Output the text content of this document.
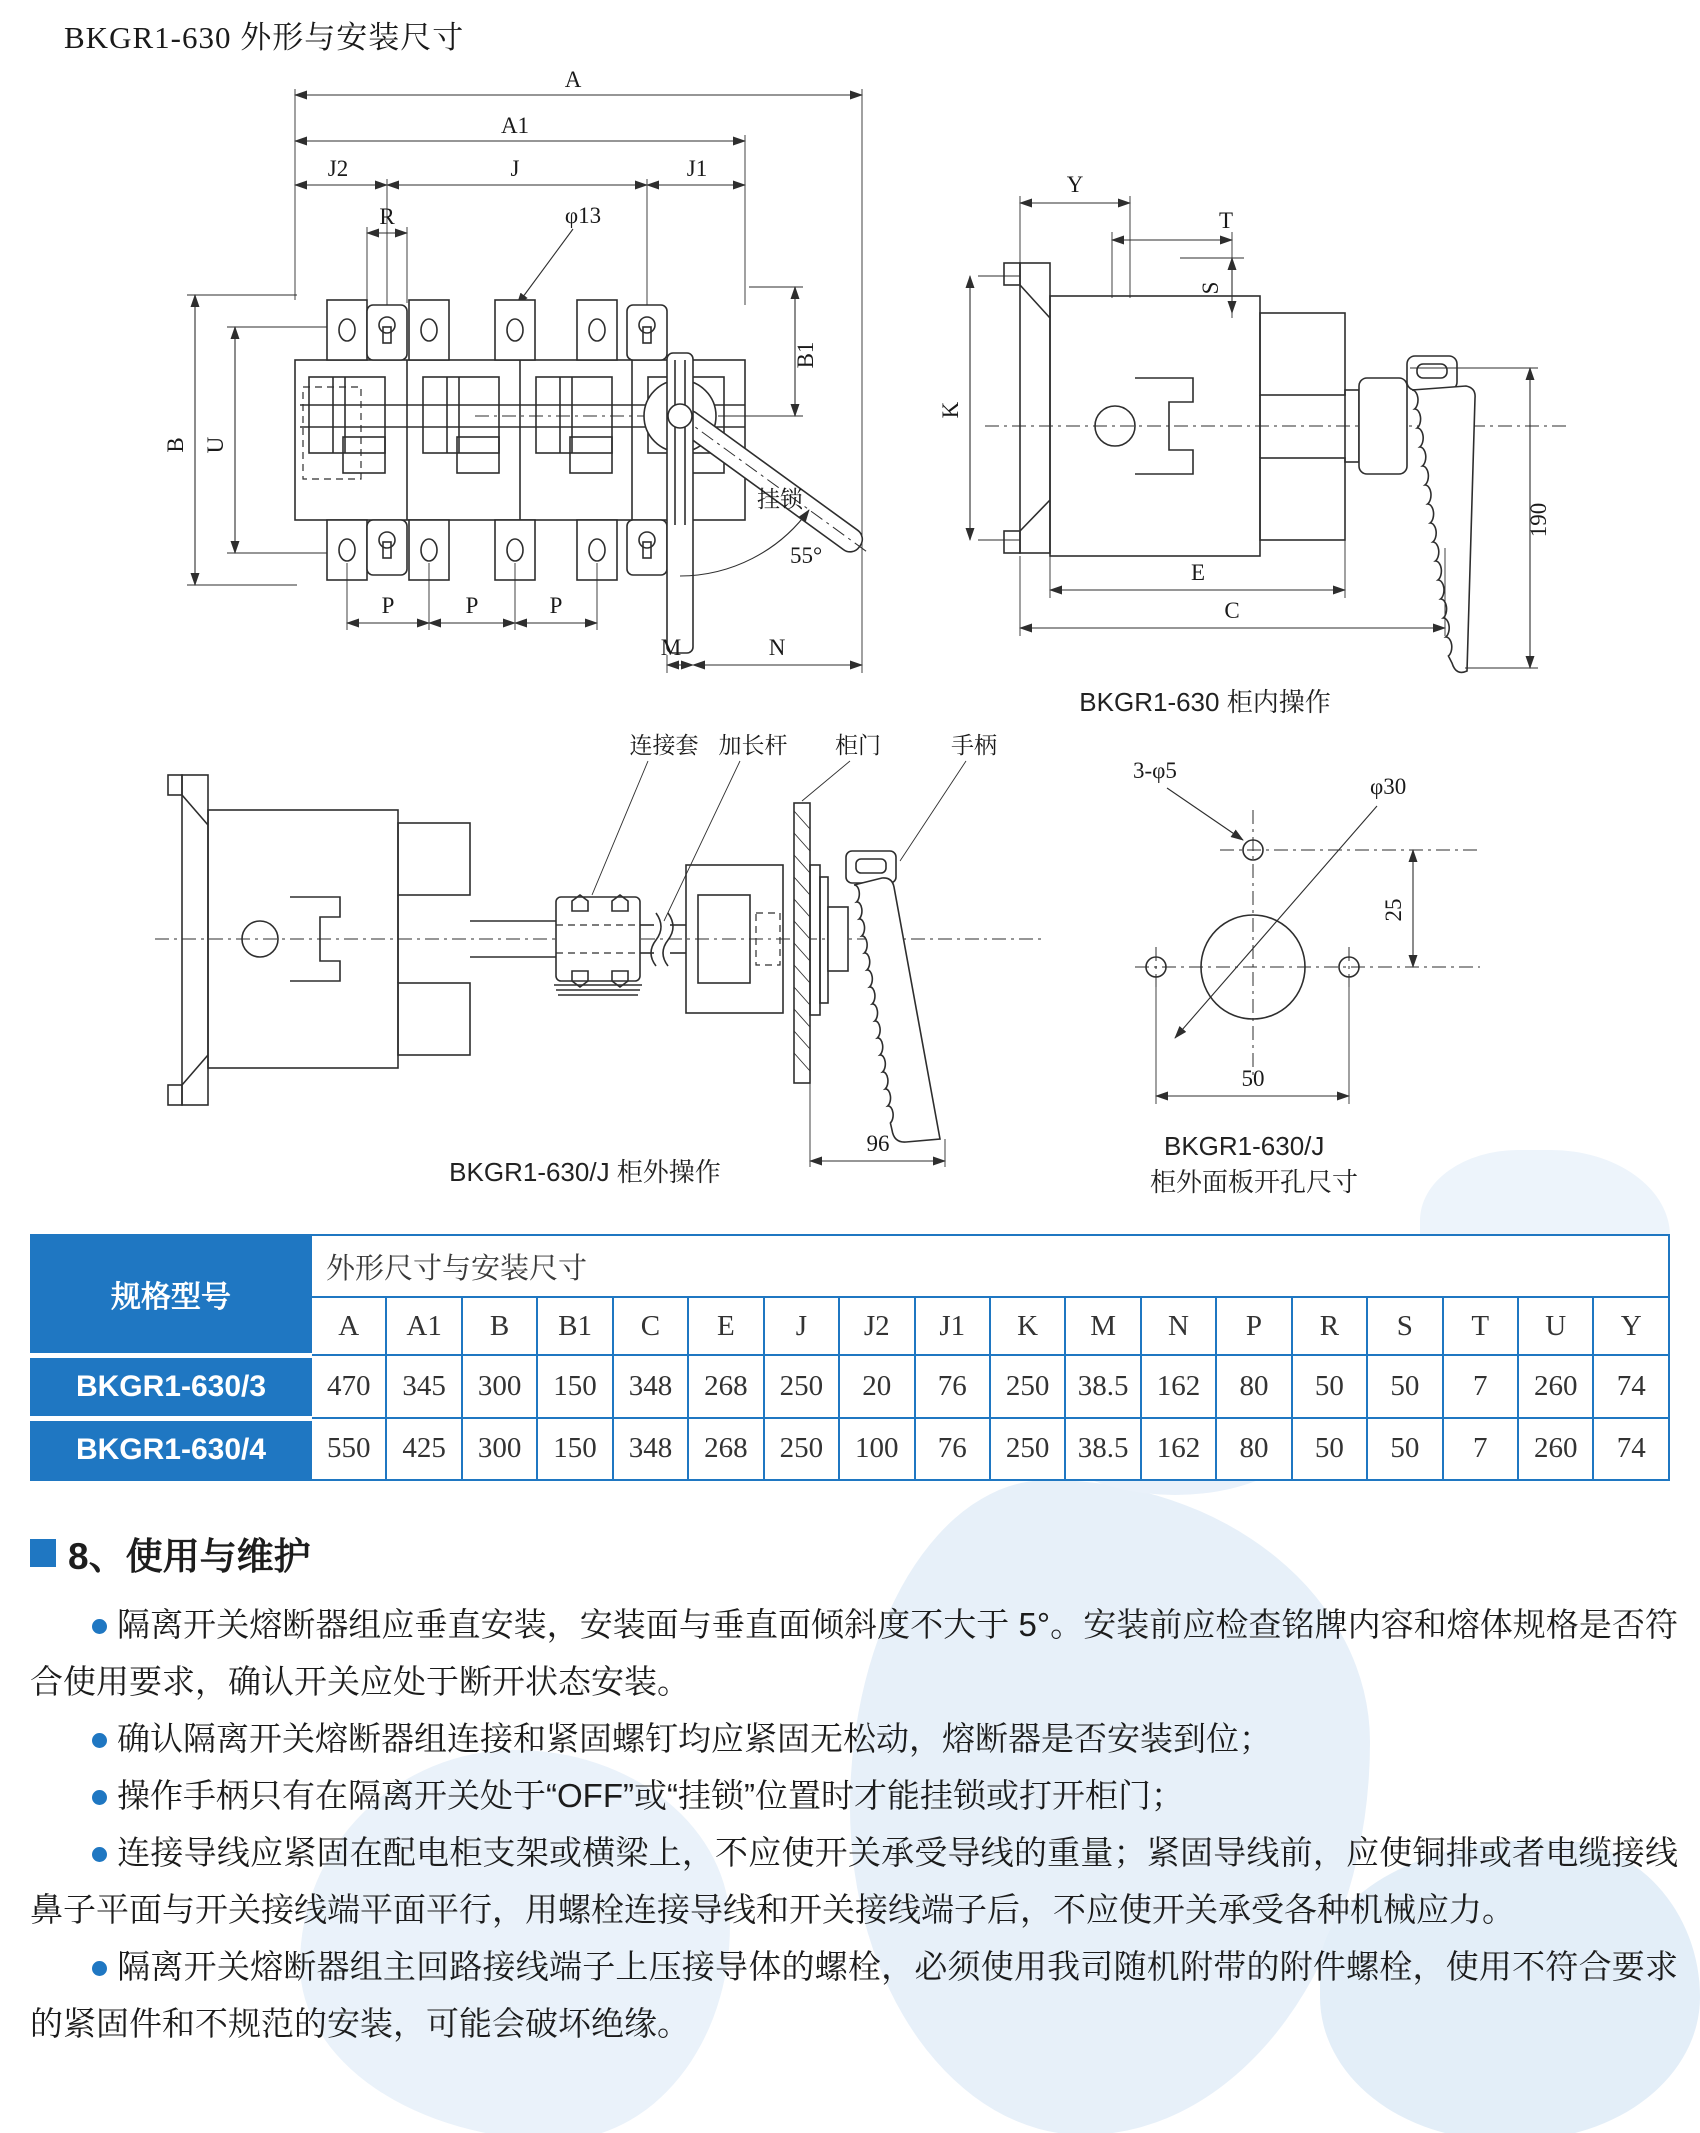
BKGR1-630 外形与安装尺寸
A
A1
J2	J	J1
R	φ13
B U
B1
挂锁
55°
P	P	P
M	N
Y
T
S
K
E
C
190
BKGR1-630 柜内操作
连接套 加长杆 柜门	手柄
96
BKGR1-630/J 柜外操作
3-φ5
φ30
25
50
BKGR1-630/J
柜外面板开孔尺寸
规格型号	外形尺寸与安装尺寸																	
	A	A1	B	B1	C	E	J	J2	J1	K	M	N	P	R	S	T	U	Y
BKGR1-630/3	470	345	300	150	348	268	250	20	76	250	38.5	162	80	50	50	7	260	74
BKGR1-630/4	550	425	300	150	348	268	250	100	76	250	38.5	162	80	50	50	7	260	74
8、使用与维护

隔离开关熔断器组应垂直安装，安装面与垂直面倾斜度不大于 5°。安装前应检查铭牌内容和熔体规格是否符合使用要求，确认开关应处于断开状态安装。

确认隔离开关熔断器组连接和紧固螺钉均应紧固无松动，熔断器是否安装到位；

操作手柄只有在隔离开关处于“OFF”或“挂锁”位置时才能挂锁或打开柜门；

连接导线应紧固在配电柜支架或横梁上，不应使开关承受导线的重量；紧固导线前，应使铜排或者电缆接线鼻子平面与开关接线端平面平行，用螺栓连接导线和开关接线端子后，不应使开关承受各种机械应力。

隔离开关熔断器组主回路接线端子上压接导体的螺栓，必须使用我司随机附带的附件螺栓，使用不符合要求的紧固件和不规范的安装，可能会破坏绝缘。
